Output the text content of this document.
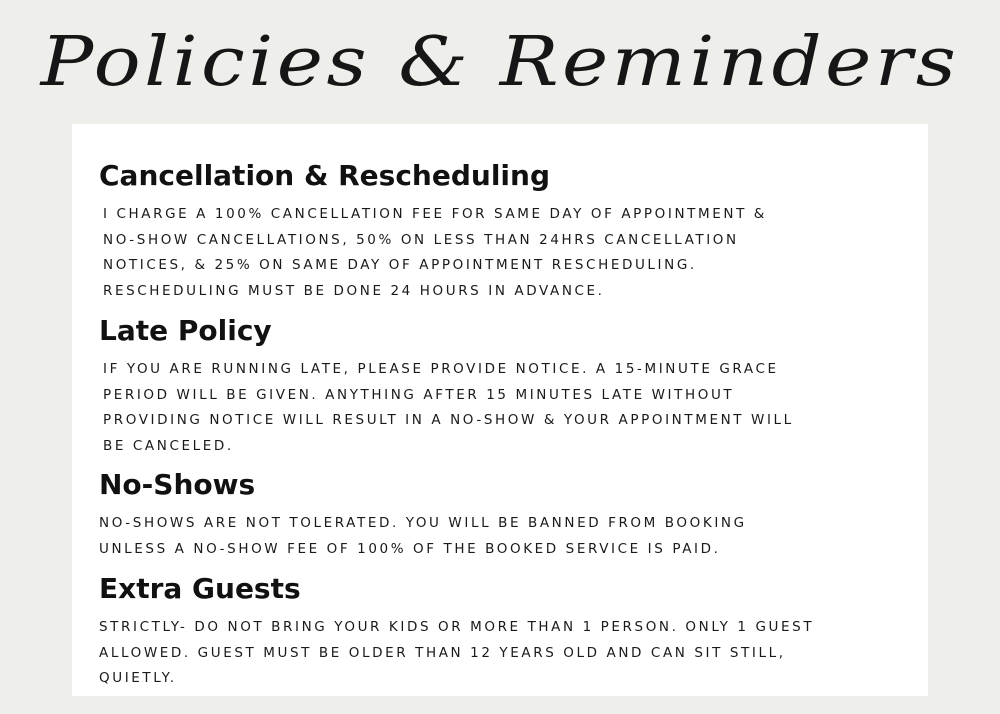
Policies & Reminders
Cancellation & Rescheduling
I CHARGE A 100% CANCELLATION FEE FOR SAME DAY OF APPOINTMENT &
NO-SHOW CANCELLATIONS, 50% ON LESS THAN 24HRS CANCELLATION
NOTICES, & 25% ON SAME DAY OF APPOINTMENT RESCHEDULING.
RESCHEDULING MUST BE DONE 24 HOURS IN ADVANCE.
Late Policy
IF YOU ARE RUNNING LATE, PLEASE PROVIDE NOTICE. A 15-MINUTE GRACE
PERIOD WILL BE GIVEN. ANYTHING AFTER 15 MINUTES LATE WITHOUT
PROVIDING NOTICE WILL RESULT IN A NO-SHOW & YOUR APPOINTMENT WILL
BE CANCELED.
No-Shows
NO-SHOWS ARE NOT TOLERATED. YOU WILL BE BANNED FROM BOOKING
UNLESS A NO-SHOW FEE OF 100% OF THE BOOKED SERVICE IS PAID.
Extra Guests
STRICTLY- DO NOT BRING YOUR KIDS OR MORE THAN 1 PERSON. ONLY 1 GUEST
ALLOWED. GUEST MUST BE OLDER THAN 12 YEARS OLD AND CAN SIT STILL,
QUIETLY.
